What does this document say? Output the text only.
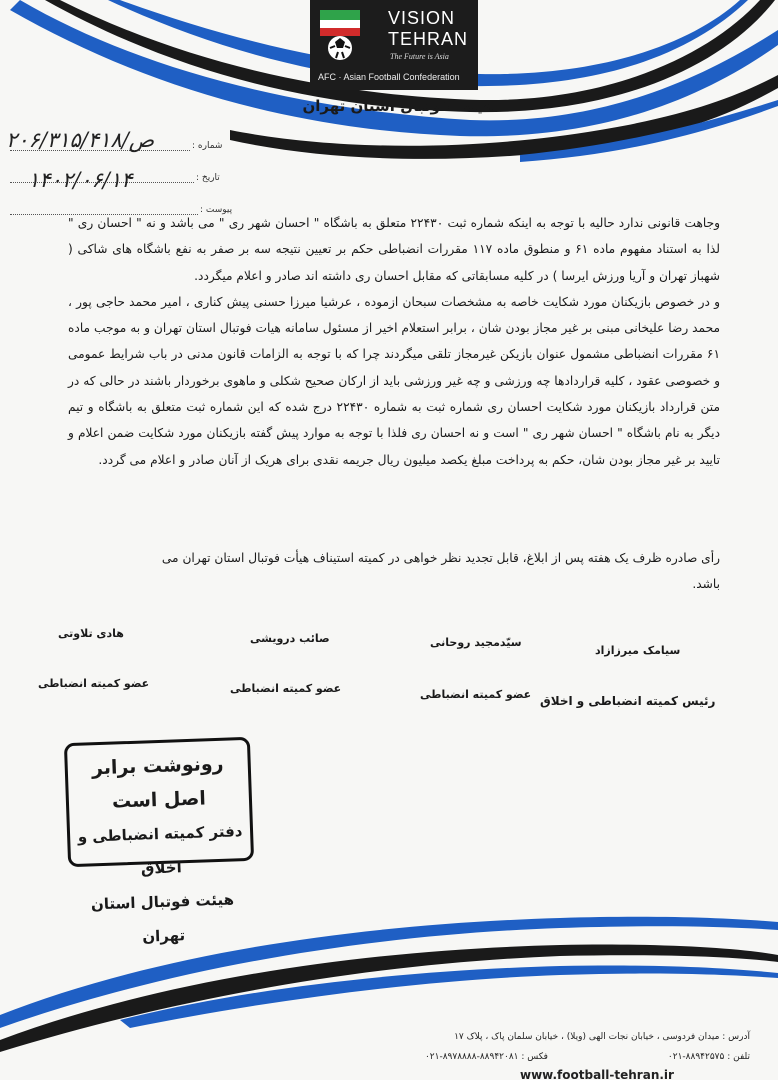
VISION
TEHRAN
The Future is Asia
AFC · Asian Football Confederation
هیئت فوتبال استان تهران
شماره :
۲۰۶/ص/۳۱۵/۴۱۸
تاریخ :
۱۴۰۲/۰۶/۱۴
پیوست :

وجاهت قانونی ندارد حالیه با توجه به اینکه شماره ثبت ۲۲۴۳۰ متعلق به باشگاه " احسان شهر ری " می باشد و نه " احسان ری " لذا به استناد مفهوم ماده ۶۱ و منطوق ماده ۱۱۷ مقررات انضباطی حکم بر تعیین نتیجه سه بر صفر به نفع باشگاه های شاکی ( شهباز تهران و آریا ورزش ایرسا ) در کلیه مسابقاتی که مقابل احسان ری داشته اند صادر و اعلام میگردد.

و در خصوص بازیکنان مورد شکایت خاصه به مشخصات سبحان ازموده ، عرشیا میرزا حسنی پیش کناری ، امیر محمد حاجی پور ، محمد رضا علیخانی مبنی بر غیر مجاز بودن شان ، برابر استعلام اخیر از مسئول سامانه هیات فوتبال استان تهران و به موجب ماده ۶۱ مقررات انضباطی مشمول عنوان بازیکن غیرمجاز تلقی میگردند چرا که با توجه به الزامات قانون مدنی در باب شرایط عمومی و خصوصی عقود ، کلیه قراردادها چه ورزشی و چه غیر ورزشی باید از ارکان صحیح شکلی و ماهوی برخوردار باشند در حالی که در متن قرارداد بازیکنان مورد شکایت احسان ری شماره ثبت به شماره ۲۲۴۳۰ درج شده که این شماره ثبت متعلق به باشگاه و تیم دیگر به نام باشگاه " احسان شهر ری " است و نه احسان ری فلذا با توجه به موارد پیش گفته بازیکنان مورد شکایت ضمن اعلام و تایید بر غیر مجاز بودن شان، حکم به پرداخت مبلغ یکصد میلیون ریال جریمه نقدی برای هریک از آنان صادر و اعلام می گردد.

رأی صادره ظرف یک هفته پس از ابلاغ، قابل تجدید نظر خواهی در کمیته استیناف هیأت فوتبال استان تهران می باشد.
سیامک میرزازاد
رئیس کمیته انضباطی و اخلاق
سیّدمجید روحانی
عضو کمیته انضباطی
صائب درویشی
عضو کمیته انضباطی
هادی تلاوتی
عضو کمیته انضباطی
رونوشت برابر اصل است
دفتر کمیته انضباطی و اخلاق
هیئت فوتبال استان تهران
آدرس : میدان فردوسی ، خیابان نجات الهی (ویلا) ، خیابان سلمان پاک ، پلاک ۱۷
تلفن : ۸۸۹۴۲۵۷۵-۰۲۱
فکس : ۸۸۹۴۲۰۸۱-۸۹۷۸۸۸۸-۰۲۱
www.football-tehran.ir
